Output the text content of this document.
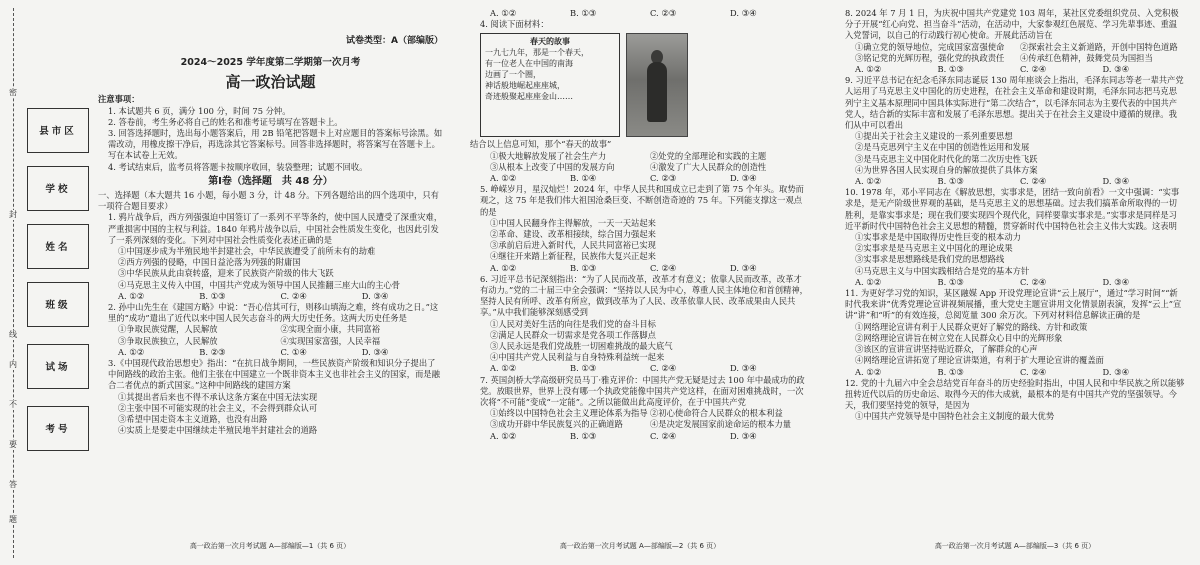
密
封
线
内
不
要
答
题
县市区
学校
姓名
班级
试场
考号

试卷类型：A（部编版）

2024～2025 学年度第二学期第一次月考

高一政治试题

注意事项：

1. 本试题共 6 页，满分 100 分，时间 75 分钟。

2. 答卷前，考生务必将自己的姓名和准考证号填写在答题卡上。

3. 回答选择题时，选出每小题答案后，用 2B 铅笔把答题卡上对应题目的答案标号涂黑。如需改动，用橡皮擦干净后，再选涂其它答案标号。回答非选择题时，将答案写在答题卡上。写在本试卷上无效。

4. 考试结束后，监考员将答题卡按顺序收回，装袋整理；试题不回收。

第Ⅰ卷（选择题　共 48 分）

一、选择题（本大题共 16 小题，每小题 3 分，计 48 分。下列各题给出的四个选项中，只有一项符合题目要求）

1. 鸦片战争后，西方列强强迫中国签订了一系列不平等条约，使中国人民遭受了深重灾难，严重损害中国的主权与利益。1840 年鸦片战争以后，中国社会性质发生变化，也因此引发了一系列深刻的变化。下列对中国社会性质变化表述正确的是

①中国逐步成为半殖民地半封建社会，中华民族遭受了前所未有的劫难

②西方列强的侵略，中国日益沦落为列强的附庸国

③中华民族从此由衰转盛，迎来了民族资产阶级的伟大飞跃

④马克思主义传入中国，中国共产党成为领导中国人民推翻三座大山的主心骨

A. ①②	B. ①③	C. ②④	D. ③④

2. 孙中山先生在《建国方略》中说：“吾心信其可行，则移山填海之难，终有成功之日。”这里的“成功”遣出了近代以来中国人民矢志奋斗的两大历史任务。这两大历史任务是

①争取民族觉醒，人民解放	②实现全面小康，共同富裕
③争取民族独立，人民解放	④实现国家富强，人民幸福
A. ①②	B. ②③	C. ①④	D. ③④

3.《中国现代政治思想史》指出：“在抗日战争期间，一些民族资产阶级和知识分子提出了中间路线的政治主张。他们主张在中国建立一个既非资本主义也非社会主义的国家，而是融合二者优点的新式国家。”这种中间路线的建国方案

①其提出者后来也不得不承认这条方案在中国无法实现

②主张中国不可能实现的社会主义，不会得到群众认可

③希望中国走资本主义道路，也没有出路

④实质上是要走中国继续走半殖民地半封建社会的道路

高一政治第一次月考试题 A—部编版—1（共 6 页）
A. ①②	B. ①③	C. ②③	D. ③④

4. 阅读下面材料：

春天的故事

一九七九年，那是一个春天，

有一位老人在中国的南海

边画了一个圈，

神话般地崛起座座城，

奇迹般聚起座座金山……

结合以上信息可知，那个“春天的故事”

①极大地解放发展了社会生产力	②处党的全部理论和实践的主题
③从根本上改变了中国的发展方向	④激发了广大人民群众的创造性
A. ①②	B. ①④	C. ②③	D. ③④

5. 峥嵘岁月，星汉灿烂！2024 年，中华人民共和国成立已走到了第 75 个年头。取势而观之，这 75 年是我们伟大祖国沧桑巨变、不断创造奇迹的 75 年。下列能支撑这一观点的是

①中国人民翻身作主得解放，一天一天站起来

②革命、建设、改革相接续，综合国力强起来

③承前启后进入新时代，人民共同富裕已实现

④继往开来踏上新征程，民族伟大复兴正起来

A. ①②	B. ①③	C. ②④	D. ③④

6. 习近平总书记深刻指出：“为了人民而改革，改革才有意义；依靠人民而改革，改革才有动力。”党的二十届三中全会强调：“坚持以人民为中心，尊重人民主体地位和首创精神，坚持人民有所呼、改革有所应，做到改革为了人民、改革依靠人民、改革成果由人民共享。”从中我们能够深刻感受到

①人民对美好生活的向往是我们党的奋斗目标

②满足人民群众一切需求是党各项工作落脚点

③人民永远是我们党战胜一切困难挑战的最大底气

④中国共产党人民利益与自身特殊利益统一起来

A. ①②	B. ①③	C. ②④	D. ③④

7. 英国剑桥大学高级研究员马丁·雅克评价：中国共产党无疑是过去 100 年中最成功的政党。放眼世界，世界上没有哪一个执政党能像中国共产党这样，在面对困难挑战时，一次次将“不可能”变成“一定能”。之所以能做出此高度评价，在于中国共产党

①始终以中国特色社会主义理论体系为指导 ②初心使命符合人民群众的根本利益
③成功开辟中华民族复兴的正确道路	④是决定发展国家前途命运的根本力量
A. ①②	B. ①③	C. ②④	D. ③④
高一政治第一次月考试题 A—部编版—2（共 6 页）

8. 2024 年 7 月 1 日，为庆祝中国共产党建党 103 周年，某社区党委组织党员、入党积极分子开展“红心向党、担当奋斗”活动，在活动中，大家参观红色展览、学习先辈事迹、重温入党誓词，以自己的行动践行初心使命。开展此活动旨在

①确立党的领导地位，完成国家富强使命	②探索社会主义新道路，开创中国特色道路
③铭记党的光辉历程，强化党的执政责任	④传承红色精神，鼓舞党员为国担当
A. ①②	B. ①③	C. ②④	D. ③④

9. 习近平总书记在纪念毛泽东同志诞辰 130 周年座谈会上指出，毛泽东同志等老一辈共产党人运用了马克思主义中国化的历史进程，在社会主义革命和建设时期，毛泽东同志把马克思列宁主义基本原理同中国具体实际进行“第二次结合”，以毛泽东同志为主要代表的中国共产党人，结合新的实际丰富和发展了毛泽东思想。提出关于在社会主义建设中遵循的规律。我们从中可以看出

①提出关于社会主义建设的一系列重要思想

②是马克思列宁主义在中国的创造性运用和发展

③是马克思主义中国化时代化的第二次历史性飞跃

④为世界各国人民实现自身的解放提供了具体方案

A. ①②	B. ①③	C. ②④	D. ③④

10. 1978 年，邓小平同志在《解放思想，实事求是，团结一致向前看》一文中强调：“实事求是，是无产阶级世界观的基础，是马克思主义的思想基础。过去我们搞革命所取得的一切胜利，是靠实事求是；现在我们要实现四个现代化，同样要靠实事求是。”实事求是同样是习近平新时代中国特色社会主义思想的精髓，贯穿新时代中国特色社会主义伟大实践。这表明

①实事求是是中国取得历史性巨变的根本动力

②实事求是是马克思主义中国化的理论成果

③实事求是思想路线是我们党的思想路线

④马克思主义与中国实践相结合是党的基本方针

A. ①②	B. ①③	C. ②④	D. ③④

11. 为更好学习党的知识，某区融媒 App 开设党理论宣讲“云上展厅”，通过“学习时间”“新时代我来讲”优秀党理论宣讲视频展播，重大党史主题宣讲用文化情景剧表演，发挥“云上”宣讲“讲”和“听”的有效连接，总阅览量 300 余万次。下列对材料信息解读正确的是

①网络理论宣讲有利于人民群众更好了解党的路线、方针和政策

②网络理论宣讲旨在树立党在人民群众心目中的光辉形象

③该区的宣讲宣讲坚持贴近群众，了解群众的心声

④网络理论宣讲拓宽了理论宣讲渠道，有利于扩大理论宣讲的覆盖面

A. ①②	B. ①③	C. ②④	D. ③④

12. 党的十九届六中全会总结党百年奋斗的历史经验时指出，中国人民和中华民族之所以能够扭转近代以后的历史命运、取得今天的伟大成就，最根本的是有中国共产党的坚强领导。今天，我们要坚持党的领导，是因为

①中国共产党领导是中国特色社会主义制度的最大优势

高一政治第一次月考试题 A—部编版—3（共 6 页）
